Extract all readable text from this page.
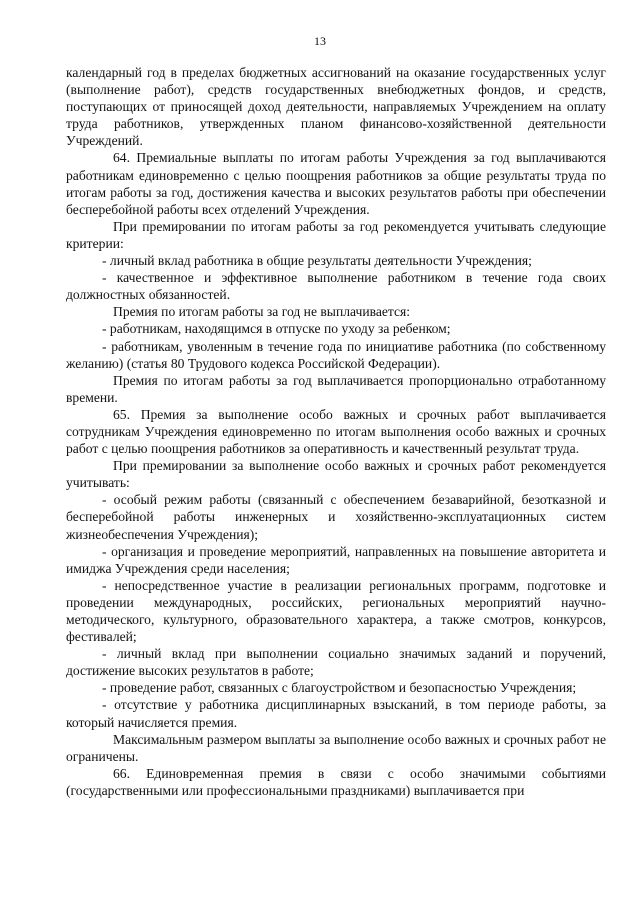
13

календарный год в пределах бюджетных ассигнований на оказание государственных услуг (выполнение работ), средств государственных внебюджетных фондов, и средств, поступающих от приносящей доход деятельности, направляемых Учреждением на оплату труда работников, утвержденных планом финансово-хозяйственной деятельности Учреждений.

64. Премиальные выплаты по итогам работы Учреждения за год выплачиваются работникам единовременно с целью поощрения работников за общие результаты труда по итогам работы за год, достижения качества и высоких результатов работы при обеспечении бесперебойной работы всех отделений Учреждения.

При премировании по итогам работы за год рекомендуется учитывать следующие критерии:

- личный вклад работника в общие результаты деятельности Учреждения;

- качественное и эффективное выполнение работником в течение года своих должностных обязанностей.

Премия по итогам работы за год не выплачивается:

- работникам, находящимся в отпуске по уходу за ребенком;

- работникам, уволенным в течение года по инициативе работника (по собственному желанию) (статья 80 Трудового кодекса Российской Федерации).

Премия по итогам работы за год выплачивается пропорционально отработанному времени.

65. Премия за выполнение особо важных и срочных работ выплачивается сотрудникам Учреждения единовременно по итогам выполнения особо важных и срочных работ с целью поощрения работников за оперативность и качественный результат труда.

При премировании за выполнение особо важных и срочных работ рекомендуется учитывать:

- особый режим работы (связанный с обеспечением безаварийной, безотказной и бесперебойной работы инженерных и хозяйственно-эксплуатационных систем жизнеобеспечения Учреждения);

- организация и проведение мероприятий, направленных на повышение авторитета и имиджа Учреждения среди населения;

- непосредственное участие в реализации региональных программ, подготовке и проведении международных, российских, региональных мероприятий научно-методического, культурного, образовательного характера, а также смотров, конкурсов, фестивалей;

- личный вклад при выполнении социально значимых заданий и поручений, достижение высоких результатов в работе;

- проведение работ, связанных с благоустройством и безопасностью Учреждения;

- отсутствие у работника дисциплинарных взысканий, в том периоде работы, за который начисляется премия.

Максимальным размером выплаты за выполнение особо важных и срочных работ не ограничены.

66. Единовременная премия в связи с особо значимыми событиями (государственными или профессиональными праздниками) выплачивается при
